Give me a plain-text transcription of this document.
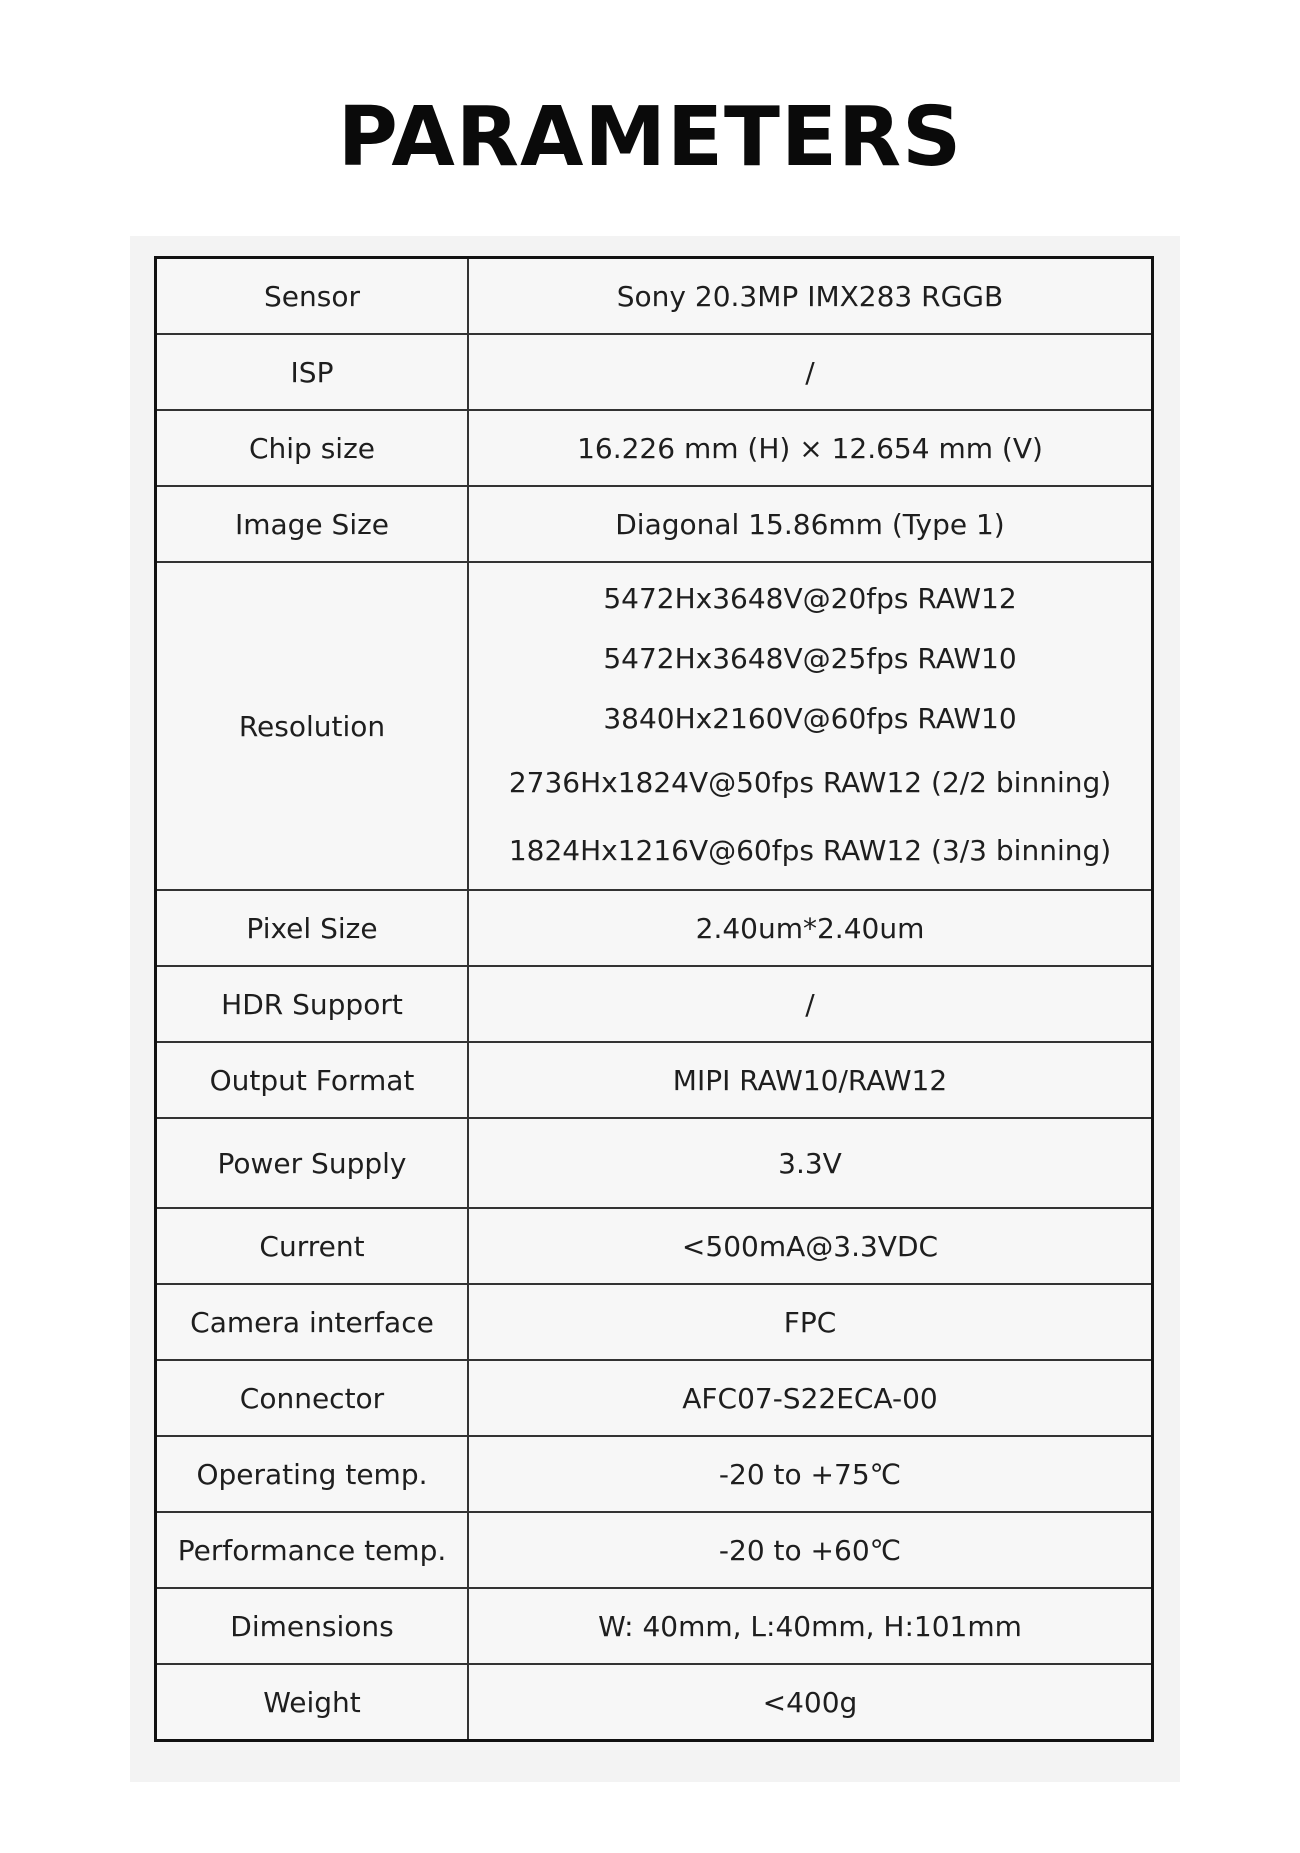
PARAMETERS
Sensor	Sony 20.3MP IMX283 RGGB
ISP	/
Chip size	16.226 mm (H) × 12.654 mm (V)
Image Size	Diagonal 15.86mm (Type 1)
Resolution	5472Hx3648V@20fps RAW12
5472Hx3648V@25fps RAW10
3840Hx2160V@60fps RAW10
2736Hx1824V@50fps RAW12 (2/2 binning)
1824Hx1216V@60fps RAW12 (3/3 binning)

Pixel Size	2.40um*2.40um
HDR Support	/
Output Format	MIPI RAW10/RAW12
Power Supply	3.3V
Current	<500mA@3.3VDC
Camera interface	FPC
Connector	AFC07-S22ECA-00
Operating temp.	-20 to +75℃
Performance temp.	-20 to +60℃
Dimensions	W: 40mm, L:40mm, H:101mm
Weight	<400g
